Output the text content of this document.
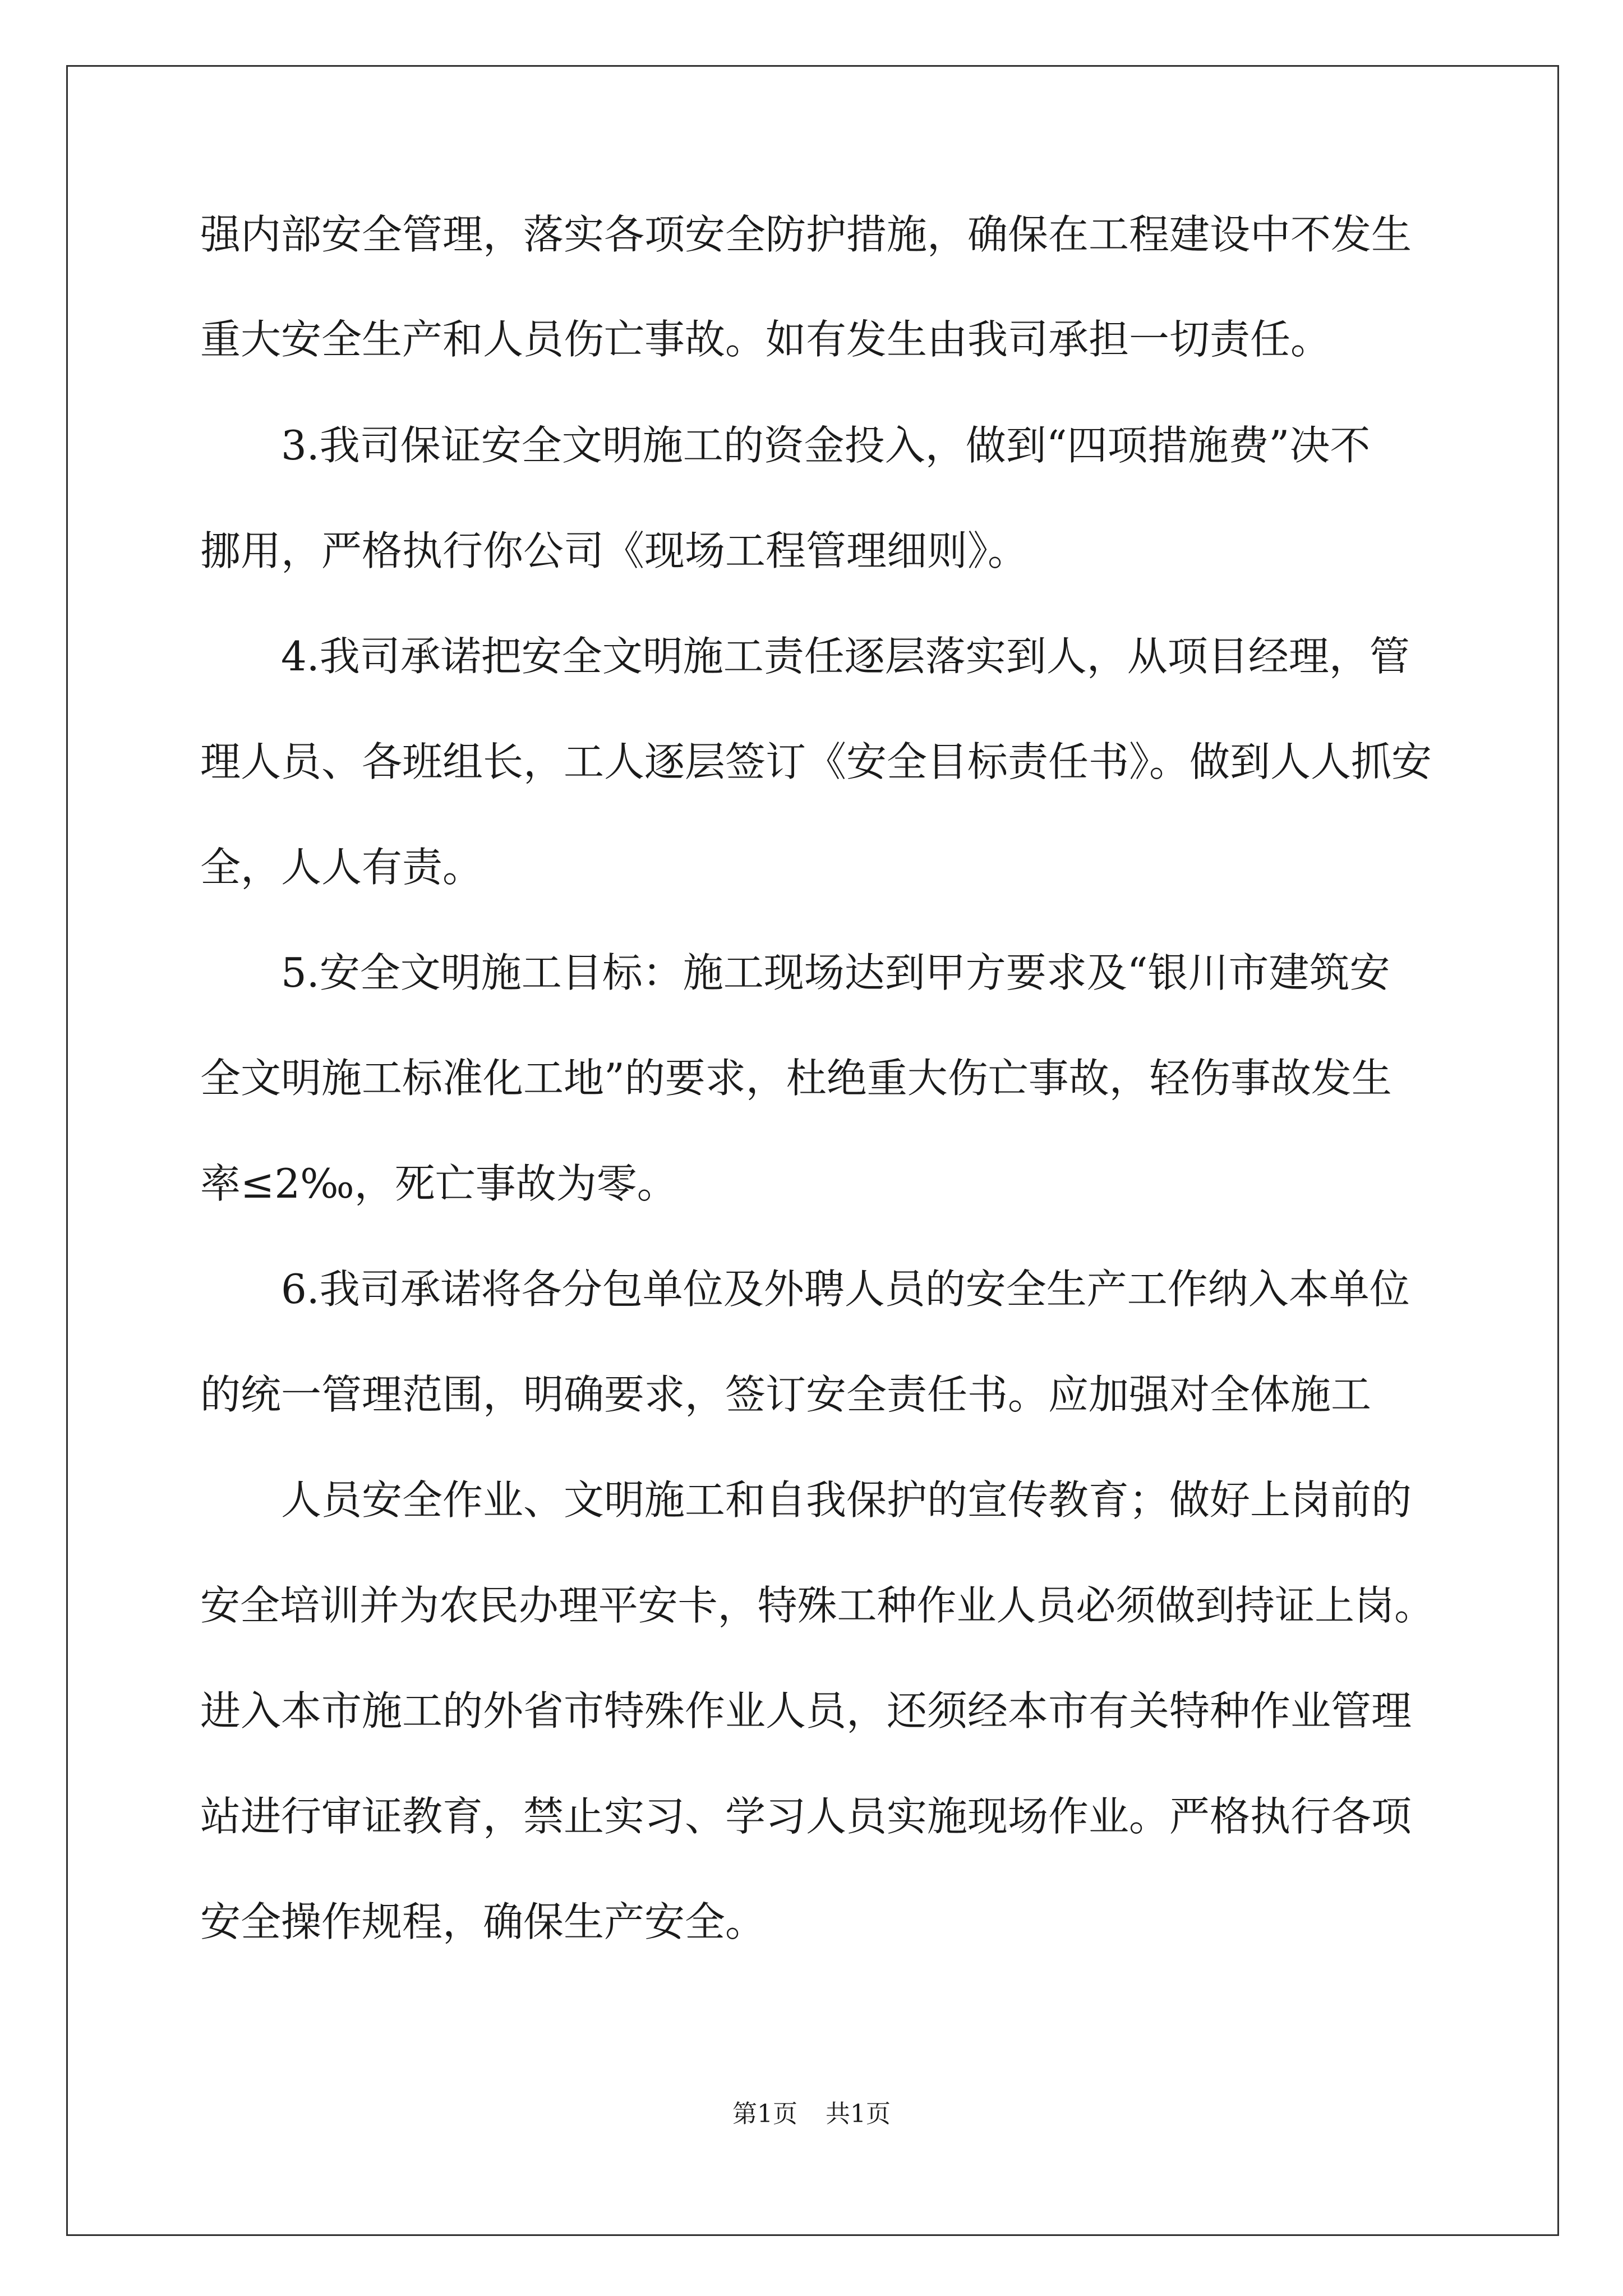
强内部安全管理，落实各项安全防护措施，确保在工程建设中不发生
重大安全生产和人员伤亡事故。如有发生由我司承担一切责任。
3.我司保证安全文明施工的资金投入，做到“四项措施费”决不
挪用，严格执行你公司《现场工程管理细则》。
4.我司承诺把安全文明施工责任逐层落实到人，从项目经理，管
理人员、各班组长，工人逐层签订《安全目标责任书》。做到人人抓安
全，人人有责。
5.安全文明施工目标：施工现场达到甲方要求及“银川市建筑安
全文明施工标准化工地”的要求，杜绝重大伤亡事故，轻伤事故发生
率≤2‰，死亡事故为零。
6.我司承诺将各分包单位及外聘人员的安全生产工作纳入本单位
的统一管理范围，明确要求，签订安全责任书。应加强对全体施工
人员安全作业、文明施工和自我保护的宣传教育；做好上岗前的
安全培训并为农民办理平安卡，特殊工种作业人员必须做到持证上岗。
进入本市施工的外省市特殊作业人员，还须经本市有关特种作业管理
站进行审证教育，禁止实习、学习人员实施现场作业。严格执行各项
安全操作规程，确保生产安全。
第1页 共1页
